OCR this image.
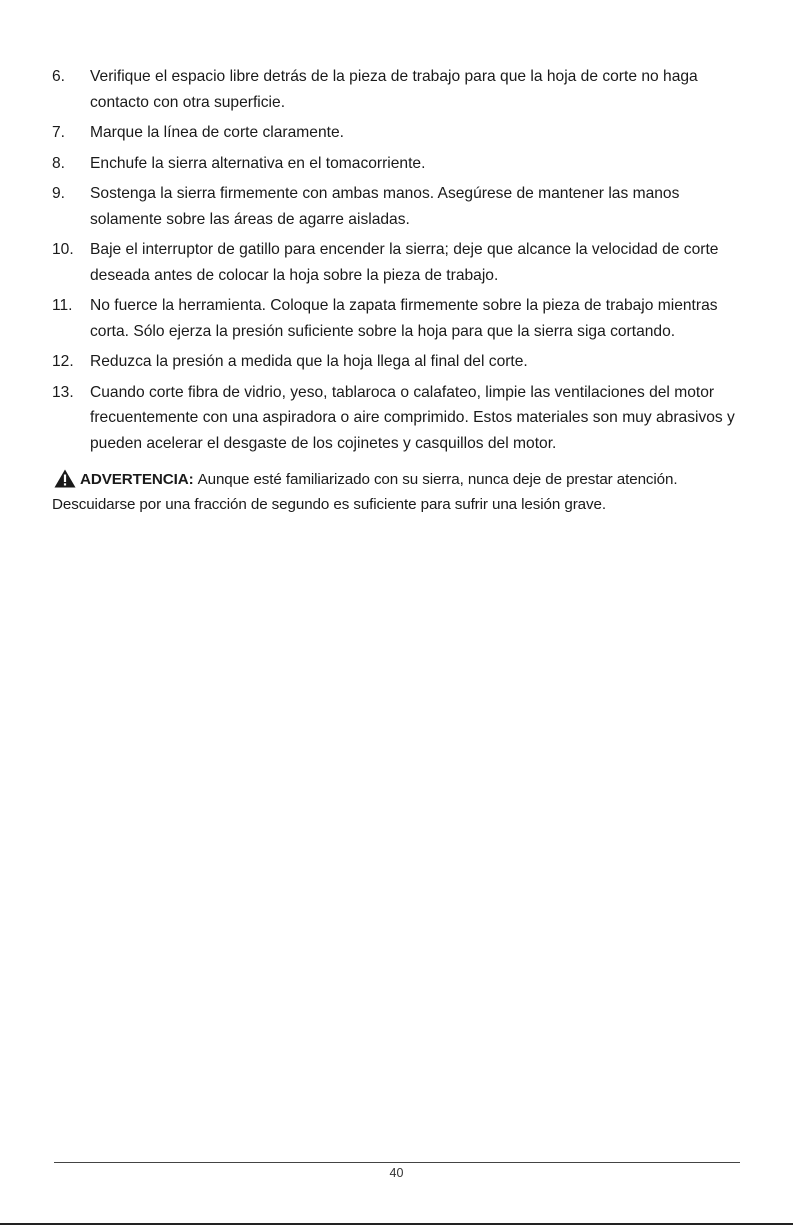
6.	Verifique el espacio libre detrás de la pieza de trabajo para que la hoja de corte no haga contacto con otra superficie.
7.	Marque la línea de corte claramente.
8.	Enchufe la sierra alternativa en el tomacorriente.
9.	Sostenga la sierra firmemente con ambas manos. Asegúrese de mantener las manos solamente sobre las áreas de agarre aisladas.
10.	Baje el interruptor de gatillo para encender la sierra; deje que alcance la velocidad de corte deseada antes de colocar la hoja sobre la pieza de trabajo.
11.	No fuerce la herramienta. Coloque la zapata firmemente sobre la pieza de trabajo mientras corta. Sólo ejerza la presión suficiente sobre la hoja para que la sierra siga cortando.
12.	Reduzca la presión a medida que la hoja llega al final del corte.
13.	Cuando corte fibra de vidrio, yeso, tablaroca o calafateo, limpie las ventilaciones del motor frecuentemente con una aspiradora o aire comprimido. Estos materiales son muy abrasivos y pueden acelerar el desgaste de los cojinetes y casquillos del motor.
ADVERTENCIA: Aunque esté familiarizado con su sierra, nunca deje de prestar atención.
Descuidarse por una fracción de segundo es suficiente para sufrir una lesión grave.
40
